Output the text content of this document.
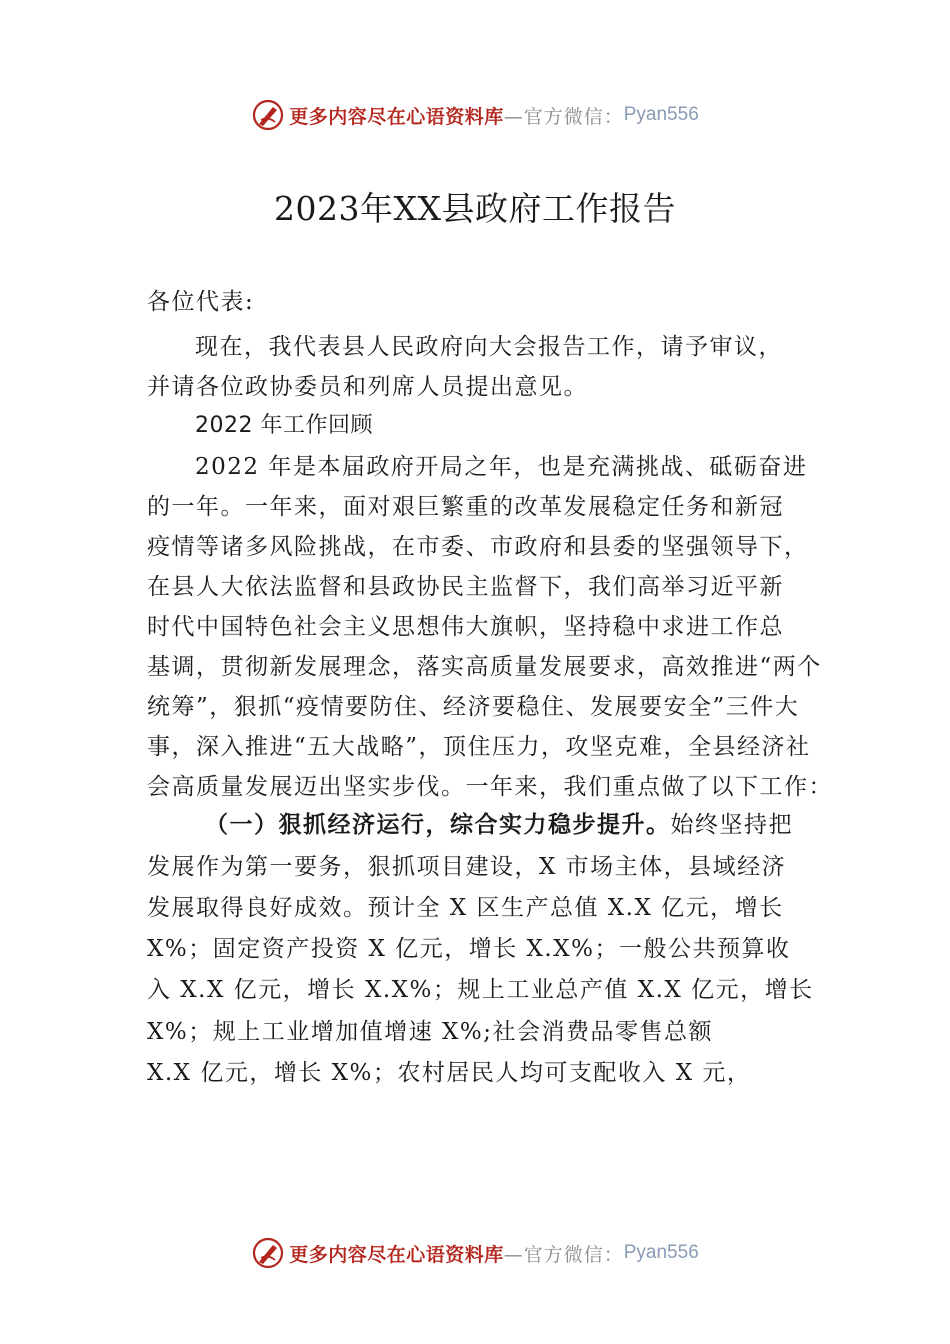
更多内容尽在心语资料库 —官方微信： Pyan556
2023年XX县政府工作报告
各位代表:
现在，我代表县人民政府向大会报告工作，请予审议，
并请各位政协委员和列席人员提出意见。
2022 年工作回顾
2022 年是本届政府开局之年，也是充满挑战、砥砺奋进
的一年。一年来，面对艰巨繁重的改革发展稳定任务和新冠
疫情等诸多风险挑战，在市委、市政府和县委的坚强领导下，
在县人大依法监督和县政协民主监督下，我们高举习近平新
时代中国特色社会主义思想伟大旗帜，坚持稳中求进工作总
基调，贯彻新发展理念，落实高质量发展要求，高效推进“两个
统筹”，狠抓“疫情要防住、经济要稳住、发展要安全”三件大
事，深入推进“五大战略”，顶住压力，攻坚克难，全县经济社
会高质量发展迈出坚实步伐。一年来，我们重点做了以下工作：
（一）狠抓经济运行，综合实力稳步提升。始终坚持把
发展作为第一要务，狠抓项目建设，X 市场主体，县域经济
发展取得良好成效。预计全 X 区生产总值 X.X 亿元，增长
X%；固定资产投资 X 亿元，增长 X.X%；一般公共预算收
入 X.X 亿元，增长 X.X%；规上工业总产值 X.X 亿元，增长
X%；规上工业增加值增速 X%;社会消费品零售总额
X.X 亿元，增长 X%；农村居民人均可支配收入 X 元，
更多内容尽在心语资料库 —官方微信： Pyan556
